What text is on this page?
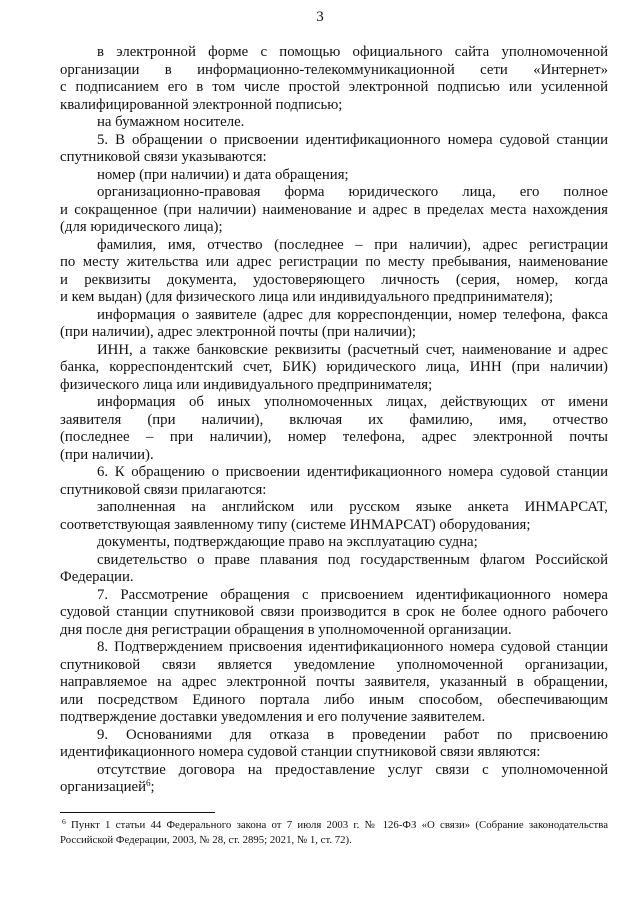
3
в электронной форме с помощью официального сайта уполномоченной
организации в информационно-телекоммуникационной сети «Интернет»
с подписанием его в том числе простой электронной подписью или усиленной
квалифицированной электронной подписью;
на бумажном носителе.
5. В обращении о присвоении идентификационного номера судовой станции
спутниковой связи указываются:
номер (при наличии) и дата обращения;
организационно-правовая форма юридического лица, его полное
и сокращенное (при наличии) наименование и адрес в пределах места нахождения
(для юридического лица);
фамилия, имя, отчество (последнее – при наличии), адрес регистрации
по месту жительства или адрес регистрации по месту пребывания, наименование
и реквизиты документа, удостоверяющего личность (серия, номер, когда
и кем выдан) (для физического лица или индивидуального предпринимателя);
информация о заявителе (адрес для корреспонденции, номер телефона, факса
(при наличии), адрес электронной почты (при наличии);
ИНН, а также банковские реквизиты (расчетный счет, наименование и адрес
банка, корреспондентский счет, БИК) юридического лица, ИНН (при наличии)
физического лица или индивидуального предпринимателя;
информация об иных уполномоченных лицах, действующих от имени
заявителя (при наличии), включая их фамилию, имя, отчество
(последнее – при наличии), номер телефона, адрес электронной почты
(при наличии).
6. К обращению о присвоении идентификационного номера судовой станции
спутниковой связи прилагаются:
заполненная на английском или русском языке анкета ИНМАРСАТ,
соответствующая заявленному типу (системе ИНМАРСАТ) оборудования;
документы, подтверждающие право на эксплуатацию судна;
свидетельство о праве плавания под государственным флагом Российской
Федерации.
7. Рассмотрение обращения с присвоением идентификационного номера
судовой станции спутниковой связи производится в срок не более одного рабочего
дня после дня регистрации обращения в уполномоченной организации.
8. Подтверждением присвоения идентификационного номера судовой станции
спутниковой связи является уведомление уполномоченной организации,
направляемое на адрес электронной почты заявителя, указанный в обращении,
или посредством Единого портала либо иным способом, обеспечивающим
подтверждение доставки уведомления и его получение заявителем.
9. Основаниями для отказа в проведении работ по присвоению
идентификационного номера судовой станции спутниковой связи являются:
отсутствие договора на предоставление услуг связи с уполномоченной
организацией$^6$;
$^6$ Пункт 1 статьи 44 Федерального закона от 7 июля 2003 г. № 126-ФЗ «О связи» (Собрание законодательства
Российской Федерации, 2003, № 28, ст. 2895; 2021, № 1, ст. 72).
